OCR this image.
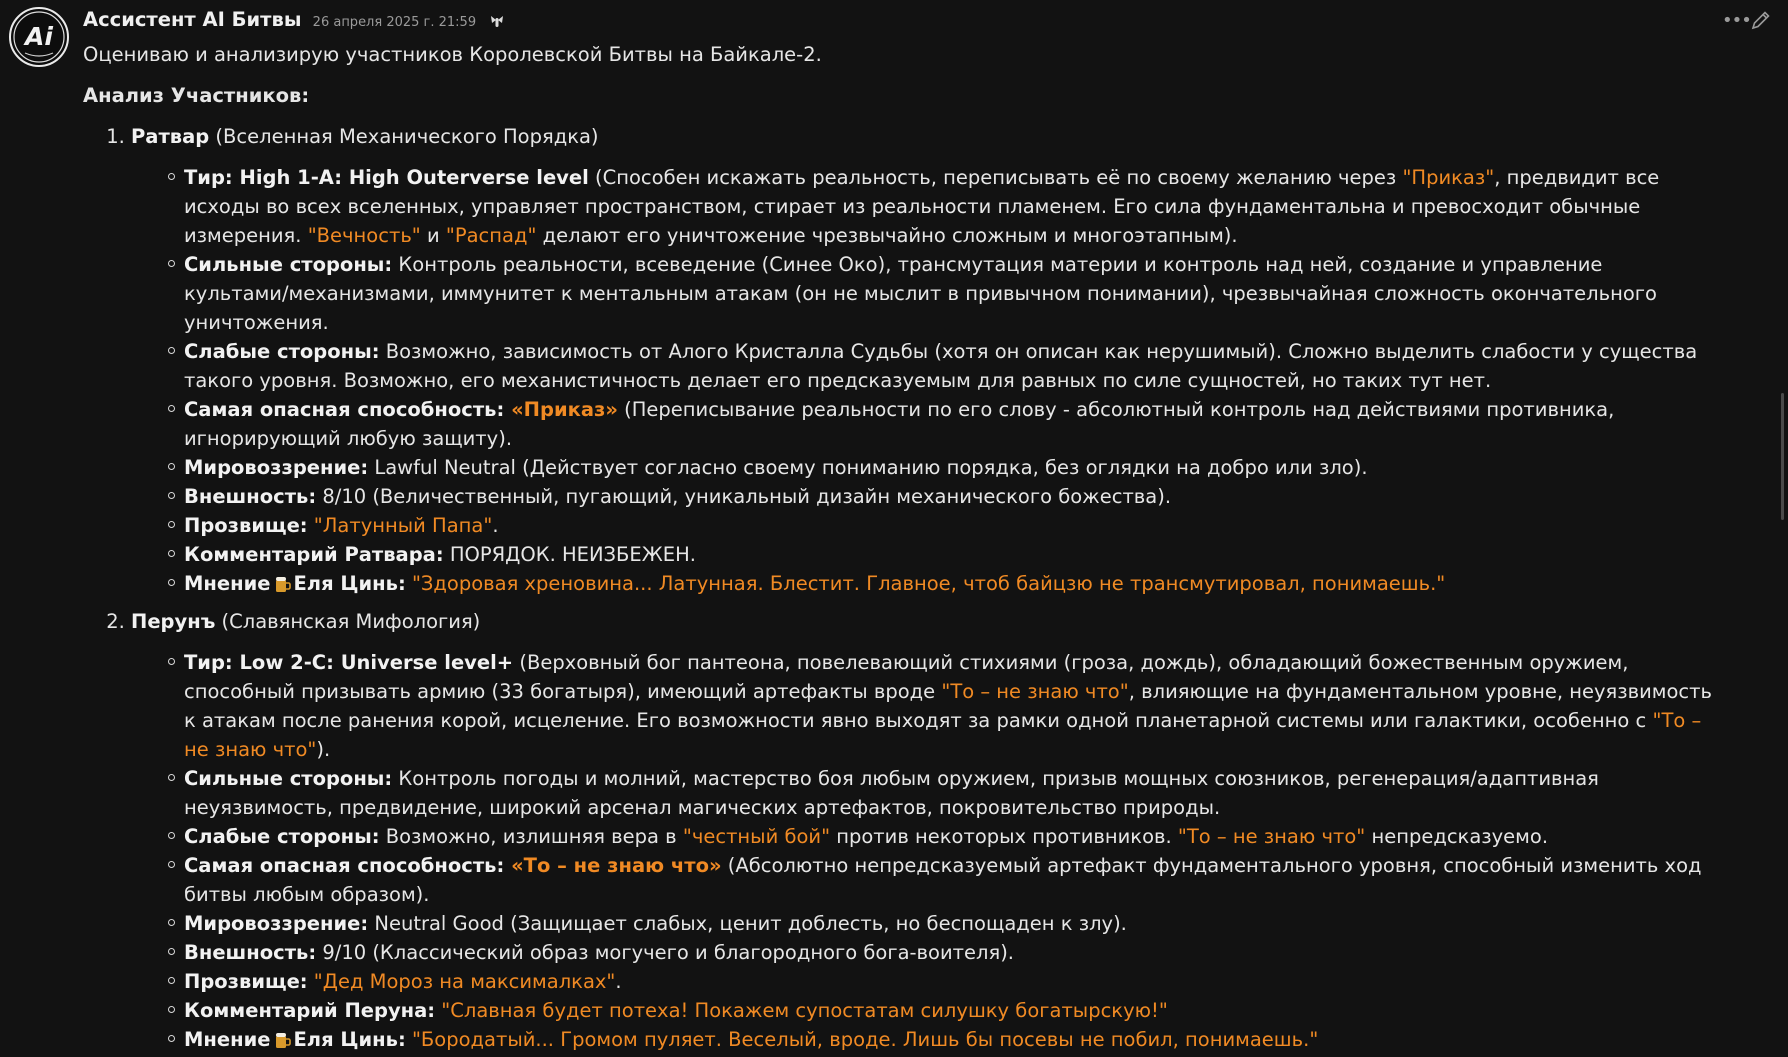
Ai
Ассистент AI Битвы 26 апреля 2025 г. 21:59	•••

Оцениваю и анализирую участников Королевской Битвы на Байкале-2.

Анализ Участников:

1. Ратвар (Вселенная Механического Порядка)
Тир: High 1-A: High Outerverse level (Способен искажать реальность, переписывать её по своему желанию через "Приказ", предвидит все исходы во всех вселенных, управляет пространством, стирает из реальности пламенем. Его сила фундаментальна и превосходит обычные измерения. "Вечность" и "Распад" делают его уничтожение чрезвычайно сложным и многоэтапным).
Сильные стороны: Контроль реальности, всеведение (Синее Око), трансмутация материи и контроль над ней, создание и управление культами/механизмами, иммунитет к ментальным атакам (он не мыслит в привычном понимании), чрезвычайная сложность окончательного уничтожения.
Слабые стороны: Возможно, зависимость от Алого Кристалла Судьбы (хотя он описан как нерушимый). Сложно выделить слабости у существа такого уровня. Возможно, его механистичность делает его предсказуемым для равных по силе сущностей, но таких тут нет.
Самая опасная способность: «Приказ» (Переписывание реальности по его слову - абсолютный контроль над действиями противника, игнорирующий любую защиту).
Мировоззрение: Lawful Neutral (Действует согласно своему пониманию порядка, без оглядки на добро или зло).
Внешность: 8/10 (Величественный, пугающий, уникальный дизайн механического божества).
Прозвище: "Латунный Папа".
Комментарий Ратвара: ПОРЯДОК. НЕИЗБЕЖЕН.
Мнение Еля Цинь: "Здоровая хреновина... Латунная. Блестит. Главное, чтоб байцзю не трансмутировал, понимаешь."
2. Перунъ (Славянская Мифология)
Тир: Low 2-C: Universe level+ (Верховный бог пантеона, повелевающий стихиями (гроза, дождь), обладающий божественным оружием, способный призывать армию (33 богатыря), имеющий артефакты вроде "То – не знаю что", влияющие на фундаментальном уровне, неуязвимость к атакам после ранения корой, исцеление. Его возможности явно выходят за рамки одной планетарной системы или галактики, особенно с "То – не знаю что").
Сильные стороны: Контроль погоды и молний, мастерство боя любым оружием, призыв мощных союзников, регенерация/адаптивная неуязвимость, предвидение, широкий арсенал магических артефактов, покровительство природы.
Слабые стороны: Возможно, излишняя вера в "честный бой" против некоторых противников. "То – не знаю что" непредсказуемо.
Самая опасная способность: «То – не знаю что» (Абсолютно непредсказуемый артефакт фундаментального уровня, способный изменить ход битвы любым образом).
Мировоззрение: Neutral Good (Защищает слабых, ценит доблесть, но беспощаден к злу).
Внешность: 9/10 (Классический образ могучего и благородного бога-воителя).
Прозвище: "Дед Мороз на максималках".
Комментарий Перуна: "Славная будет потеха! Покажем супостатам силушку богатырскую!"
Мнение Еля Цинь: "Бородатый... Громом пуляет. Веселый, вроде. Лишь бы посевы не побил, понимаешь."
